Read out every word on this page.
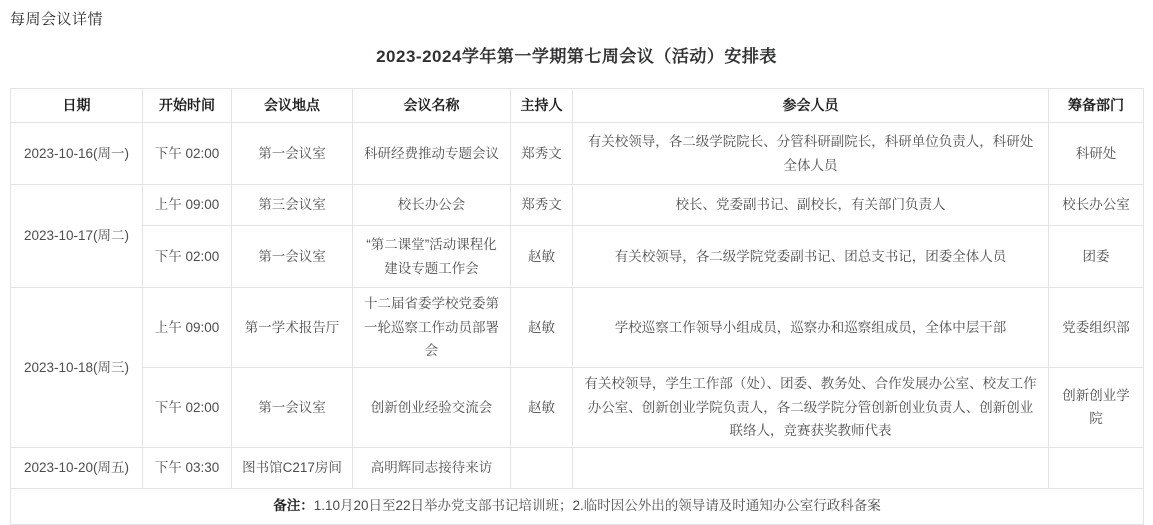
每周会议详情
2023-2024学年第一学期第七周会议（活动）安排表
日期	开始时间	会议地点	会议名称	主持人	参会人员	筹备部门
2023-10-16(周一)	下午 02:00	第一会议室	科研经费推动专题会议	郑秀文	有关校领导，各二级学院院长、分管科研副院长，科研单位负责人，科研处全体人员	科研处
2023-10-17(周二)	上午 09:00	第三会议室	校长办公会	郑秀文	校长、党委副书记、副校长，有关部门负责人	校长办公室
	下午 02:00	第一会议室	“第二课堂”活动课程化建设专题工作会	赵敏	有关校领导，各二级学院党委副书记、团总支书记，团委全体人员	团委
2023-10-18(周三)	上午 09:00	第一学术报告厅	十二届省委学校党委第一轮巡察工作动员部署会	赵敏	学校巡察工作领导小组成员，巡察办和巡察组成员，全体中层干部	党委组织部
	下午 02:00	第一会议室	创新创业经验交流会	赵敏	有关校领导，学生工作部（处）、团委、教务处、合作发展办公室、校友工作办公室、创新创业学院负责人，各二级学院分管创新创业负责人、创新创业联络人，竞赛获奖教师代表	创新创业学院
2023-10-20(周五)	下午 03:30	图书馆C217房间	高明辉同志接待来访			
备注：1.10月20日至22日举办党支部书记培训班；2.临时因公外出的领导请及时通知办公室行政科备案						
